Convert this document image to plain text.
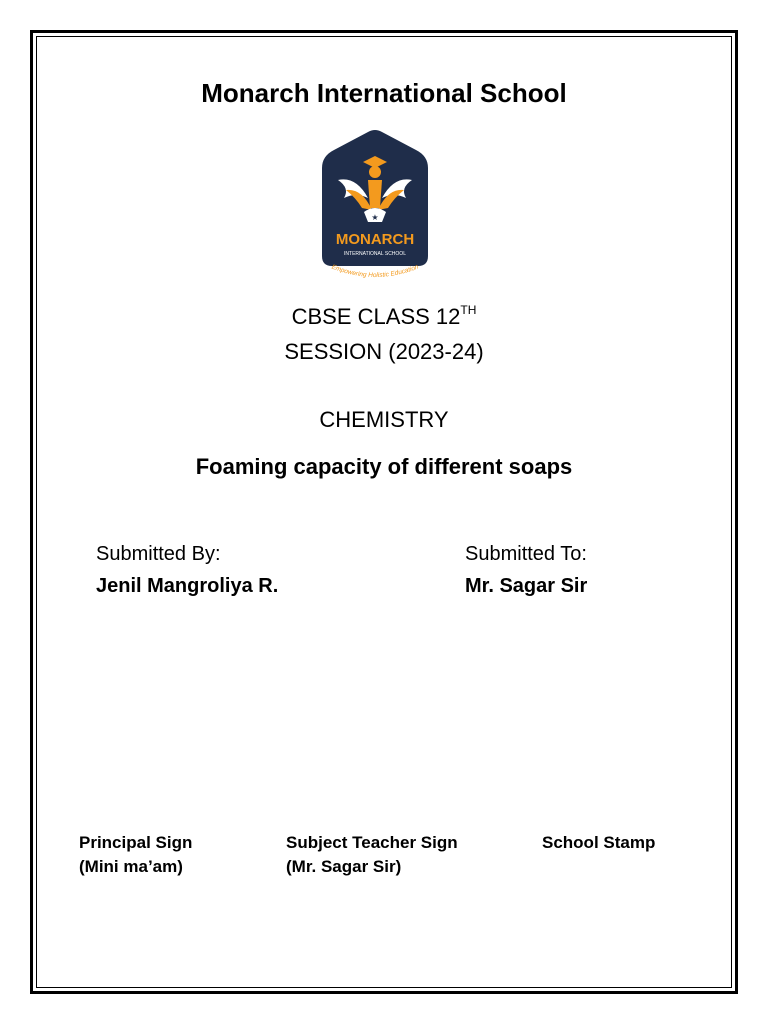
Monarch International School
★
MONARCH
INTERNATIONAL SCHOOL
Empowering Holistic Education
CBSE CLASS 12TH
SESSION (2023-24)
CHEMISTRY
Foaming capacity of different soaps
Submitted By:
Jenil Mangroliya R.
Submitted To:
Mr. Sagar Sir
Principal Sign
(Mini ma’am)
Subject Teacher Sign
(Mr. Sagar Sir)
School Stamp
